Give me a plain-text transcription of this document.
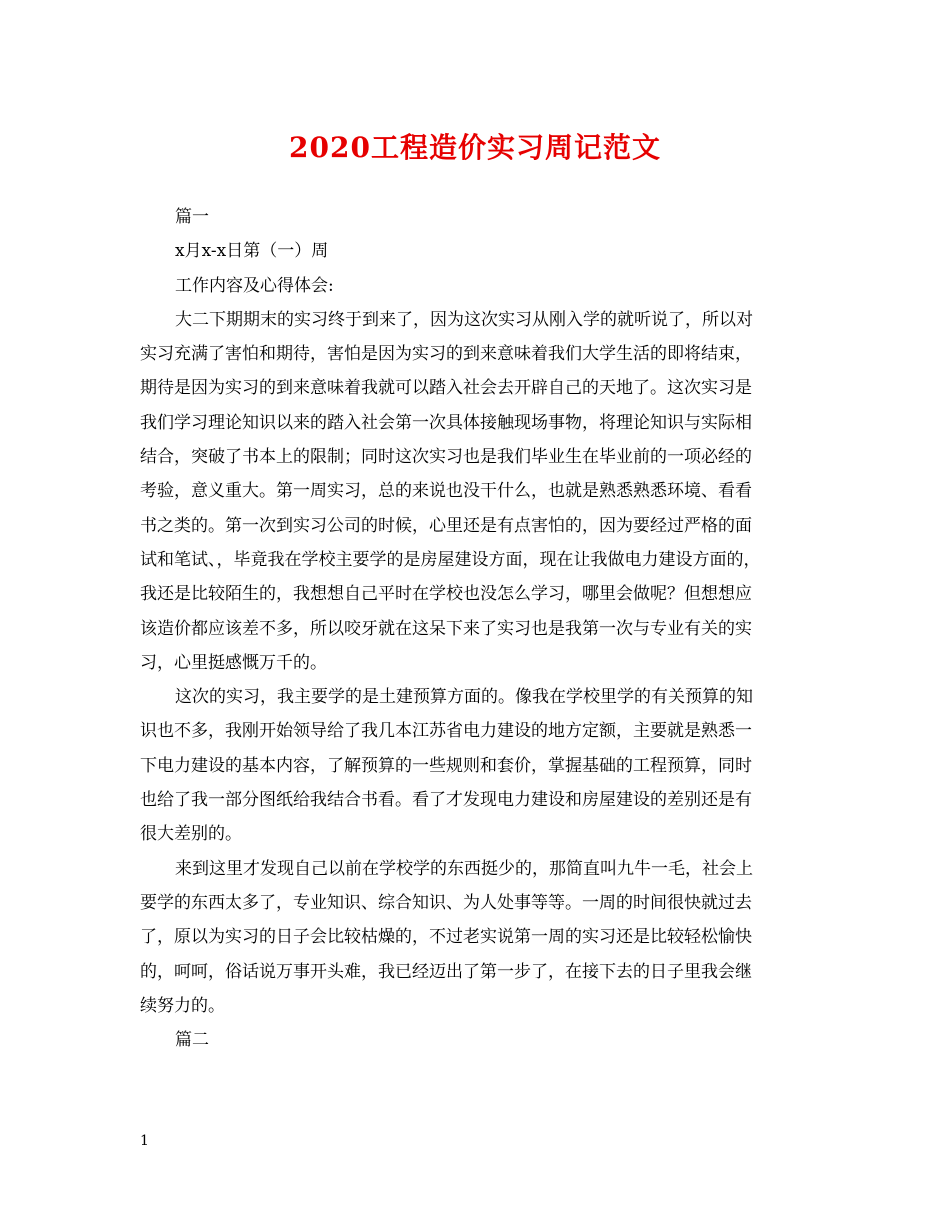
2020工程造价实习周记范文
篇一
x月x-x日第（一）周
工作内容及心得体会:
大二下期期末的实习终于到来了，因为这次实习从刚入学的就听说了，所以对
实习充满了害怕和期待，害怕是因为实习的到来意味着我们大学生活的即将结束，
期待是因为实习的到来意味着我就可以踏入社会去开辟自己的天地了。这次实习是
我们学习理论知识以来的踏入社会第一次具体接触现场事物，将理论知识与实际相
结合，突破了书本上的限制；同时这次实习也是我们毕业生在毕业前的一项必经的
考验，意义重大。第一周实习，总的来说也没干什么，也就是熟悉熟悉环境、看看
书之类的。第一次到实习公司的时候，心里还是有点害怕的，因为要经过严格的面
试和笔试、，毕竟我在学校主要学的是房屋建设方面，现在让我做电力建设方面的，
我还是比较陌生的，我想想自己平时在学校也没怎么学习，哪里会做呢？但想想应
该造价都应该差不多，所以咬牙就在这呆下来了实习也是我第一次与专业有关的实
习，心里挺感慨万千的。
这次的实习，我主要学的是土建预算方面的。像我在学校里学的有关预算的知
识也不多，我刚开始领导给了我几本江苏省电力建设的地方定额，主要就是熟悉一
下电力建设的基本内容，了解预算的一些规则和套价，掌握基础的工程预算，同时
也给了我一部分图纸给我结合书看。看了才发现电力建设和房屋建设的差别还是有
很大差别的。
来到这里才发现自己以前在学校学的东西挺少的，那简直叫九牛一毛，社会上
要学的东西太多了，专业知识、综合知识、为人处事等等。一周的时间很快就过去
了，原以为实习的日子会比较枯燥的，不过老实说第一周的实习还是比较轻松愉快
的，呵呵，俗话说万事开头难，我已经迈出了第一步了，在接下去的日子里我会继
续努力的。
篇二
1
